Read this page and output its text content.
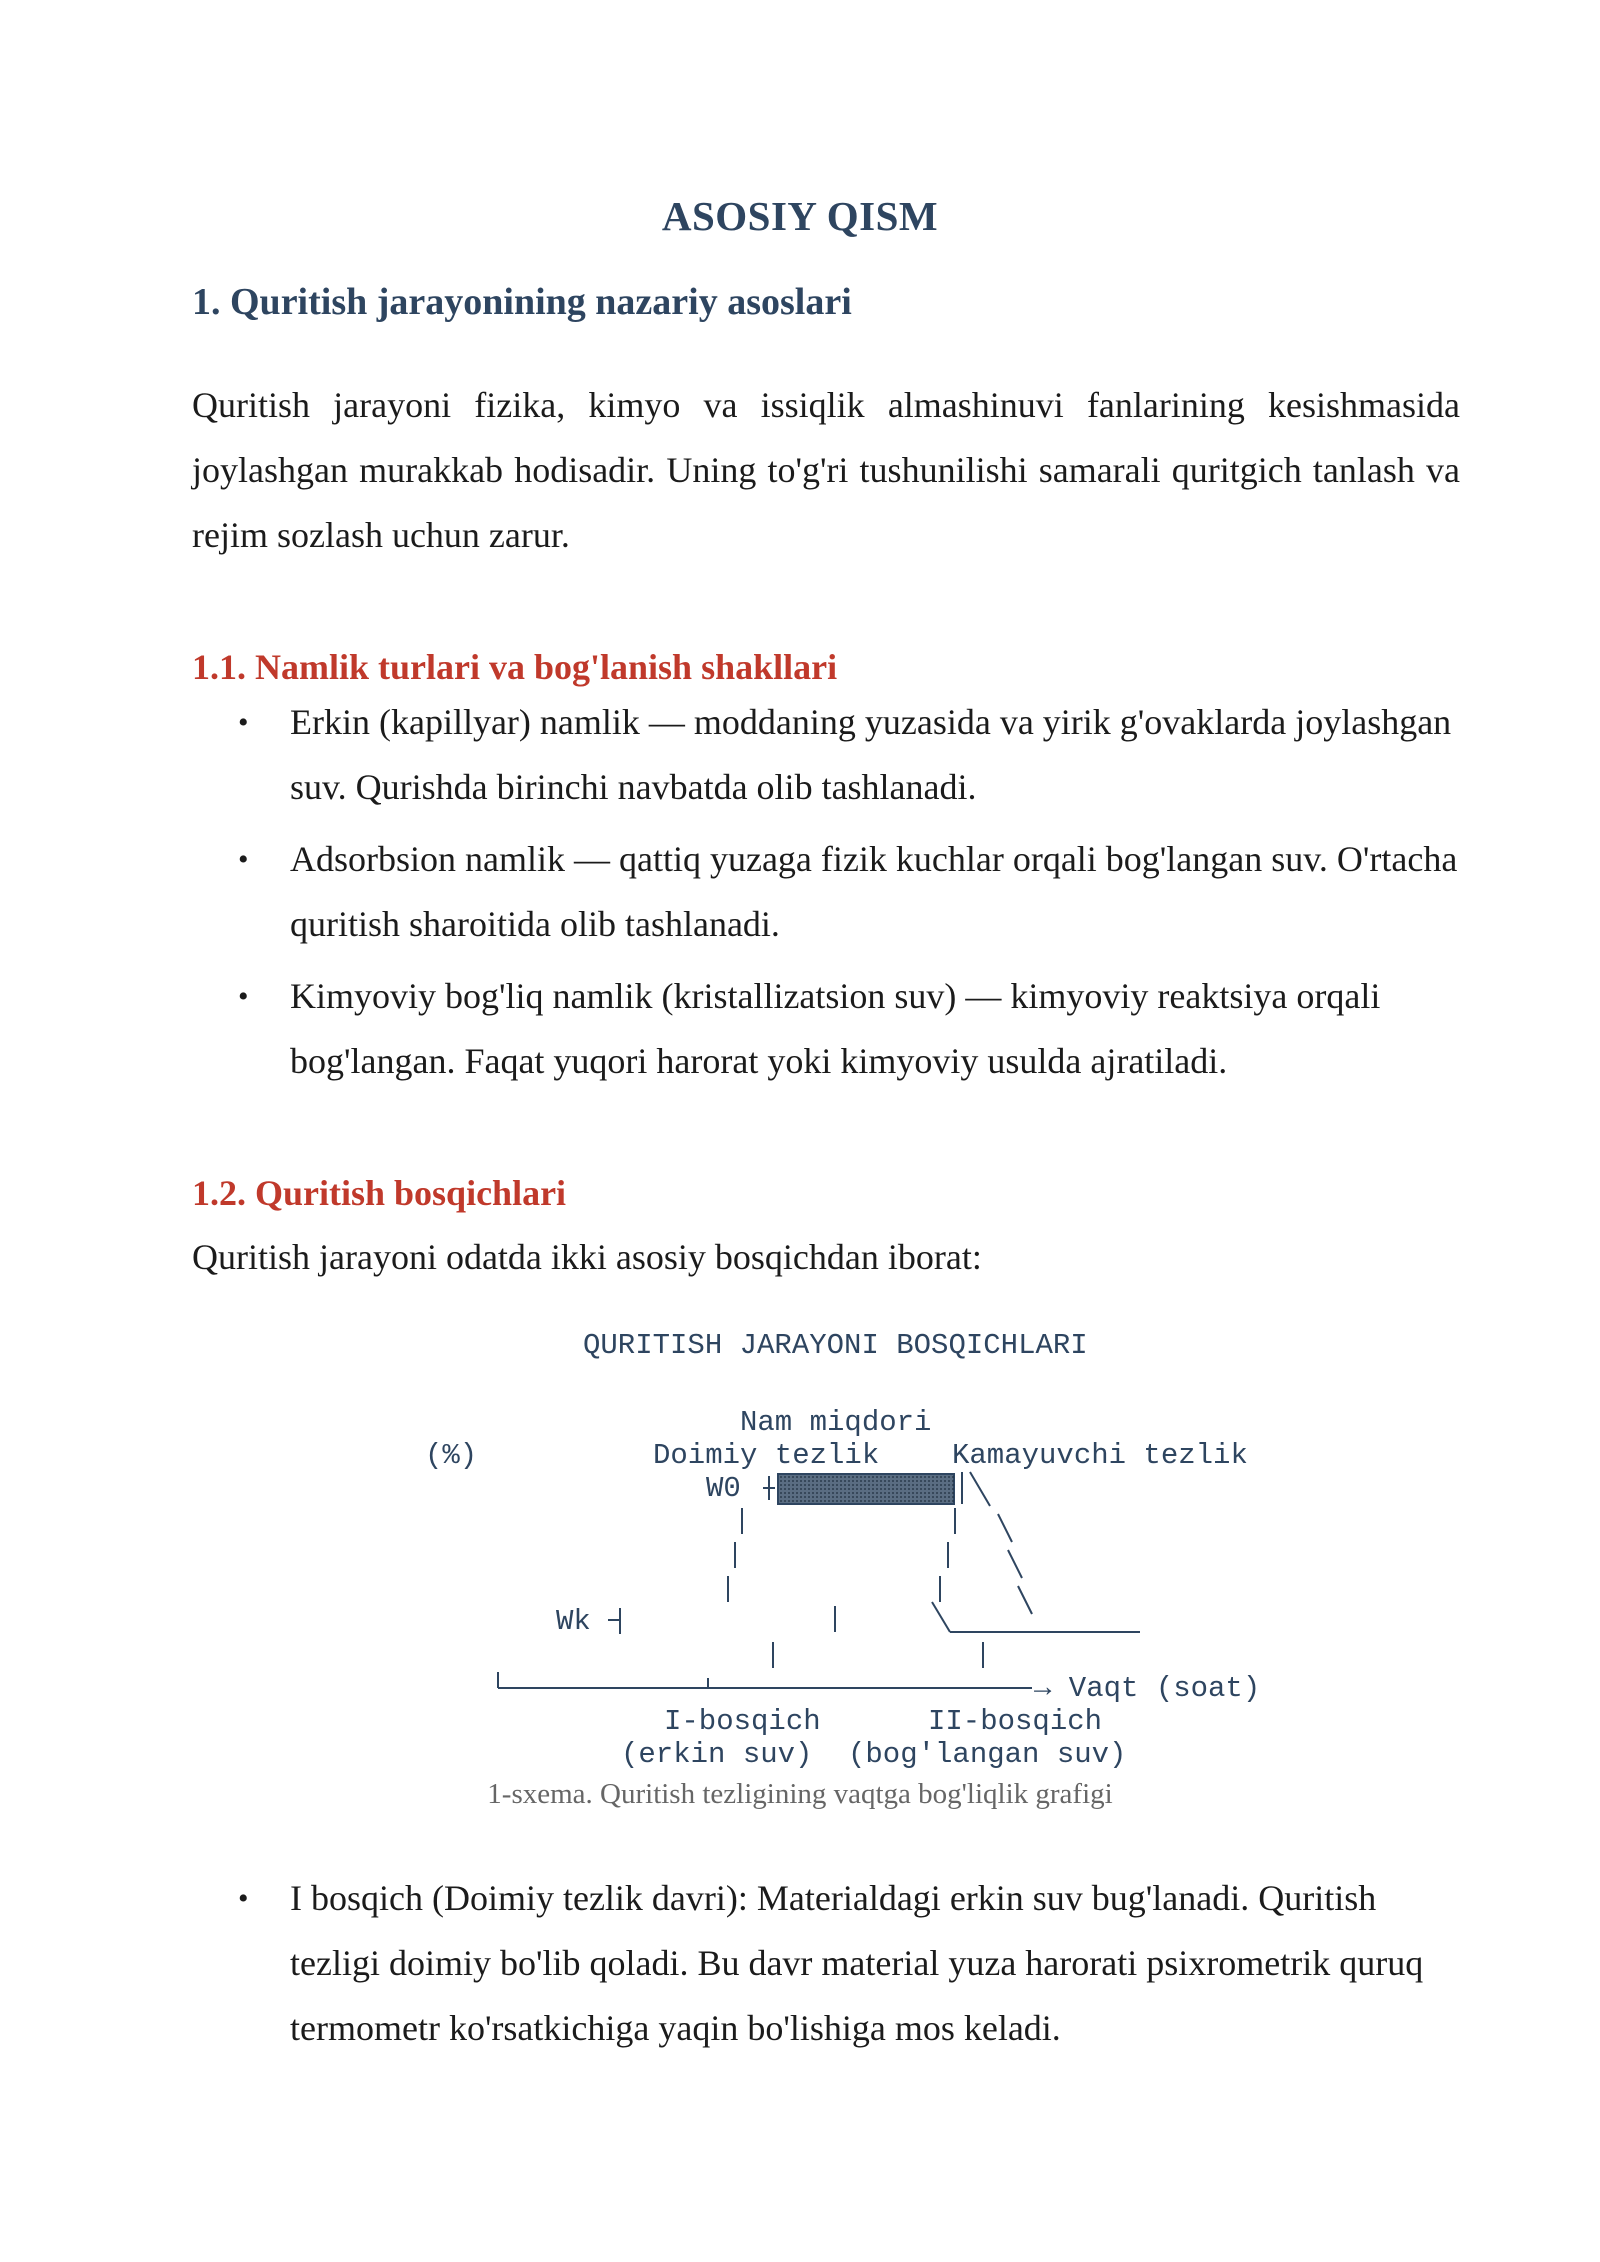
ASOSIY QISM
1. Quritish jarayonining nazariy asoslari

Quritish jarayoni fizika, kimyo va issiqlik almashinuvi fanlarining kesishmasida joylashgan murakkab hodisadir. Uning to'g'ri tushunilishi samarali quritgich tanlash va rejim sozlash uchun zarur.

1.1. Namlik turlari va bog'lanish shakllari
• Erkin (kapillyar) namlik — moddaning yuzasida va yirik g'ovaklarda joylashgan suv. Qurishda birinchi navbatda olib tashlanadi.
• Adsorbsion namlik — qattiq yuzaga fizik kuchlar orqali bog'langan suv. O'rtacha quritish sharoitida olib tashlanadi.
• Kimyoviy bog'liq namlik (kristallizatsion suv) — kimyoviy reaktsiya orqali bog'langan. Faqat yuqori harorat yoki kimyoviy usulda ajratiladi.
1.2. Quritish bosqichlari

Quritish jarayoni odatda ikki asosiy bosqichdan iborat:

QURITISH JARAYONI BOSQICHLARI
Nam miqdori
(%)	Doimiy tezlik	Kamayuvchi tezlik
W0
Wk
→ Vaqt (soat)
I-bosqich	II-bosqich
(erkin suv) (bog'langan suv)

1-sxema. Quritish tezligining vaqtga bog'liqlik grafigi

• I bosqich (Doimiy tezlik davri): Materialdagi erkin suv bug'lanadi. Quritish tezligi doimiy bo'lib qoladi. Bu davr material yuza harorati psixrometrik quruq termometr ko'rsatkichiga yaqin bo'lishiga mos keladi.
